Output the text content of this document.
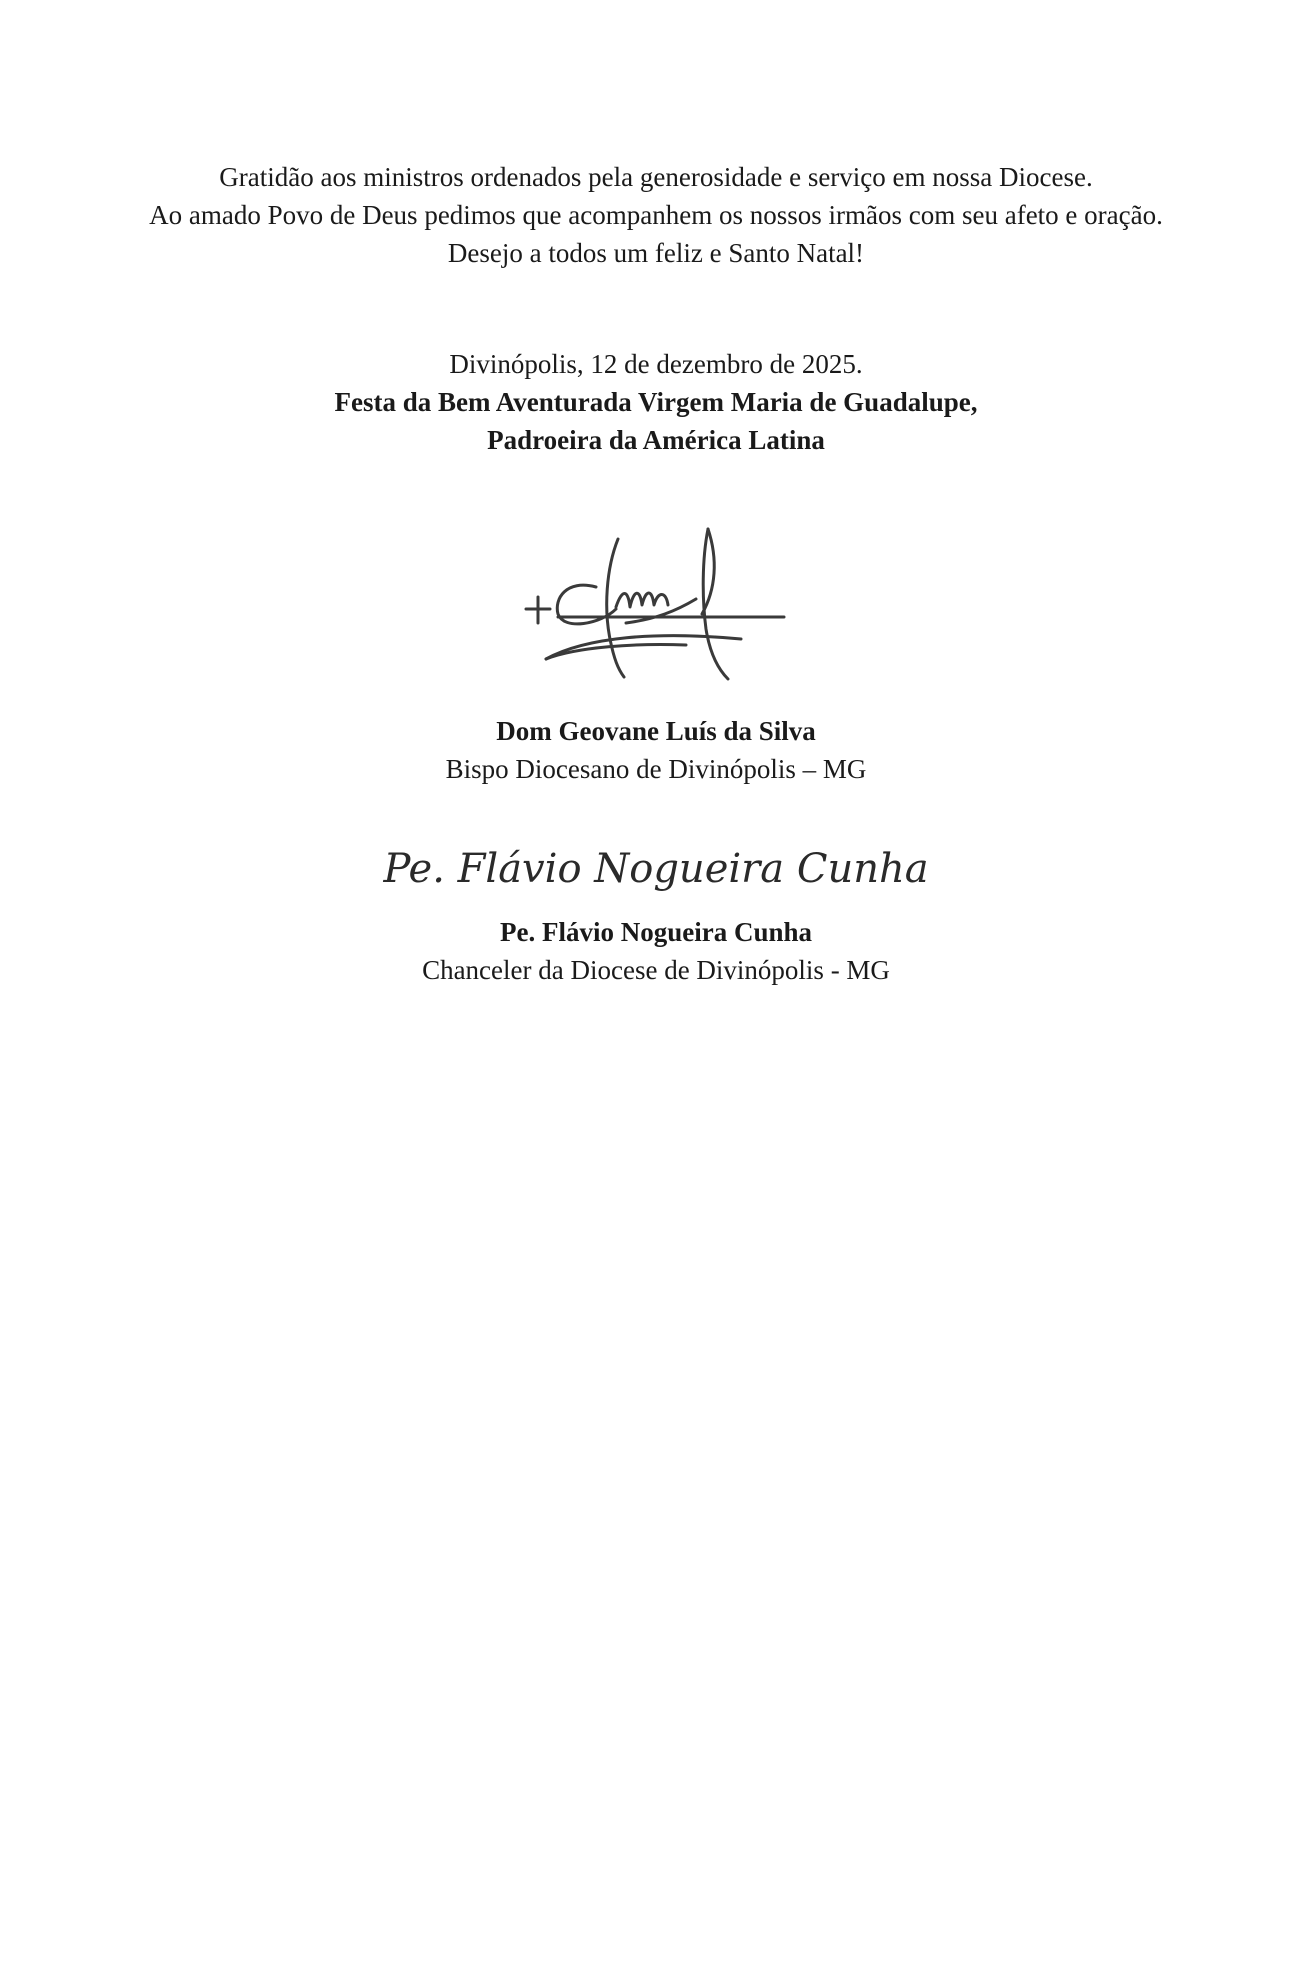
Gratidão aos ministros ordenados pela generosidade e serviço em nossa Diocese.
Ao amado Povo de Deus pedimos que acompanhem os nossos irmãos com seu afeto e oração.
Desejo a todos um feliz e Santo Natal!
Divinópolis, 12 de dezembro de 2025.
Festa da Bem Aventurada Virgem Maria de Guadalupe,
Padroeira da América Latina
Dom Geovane Luís da Silva
Bispo Diocesano de Divinópolis – MG
Pe. Flávio Nogueira Cunha
Pe. Flávio Nogueira Cunha
Chanceler da Diocese de Divinópolis - MG
